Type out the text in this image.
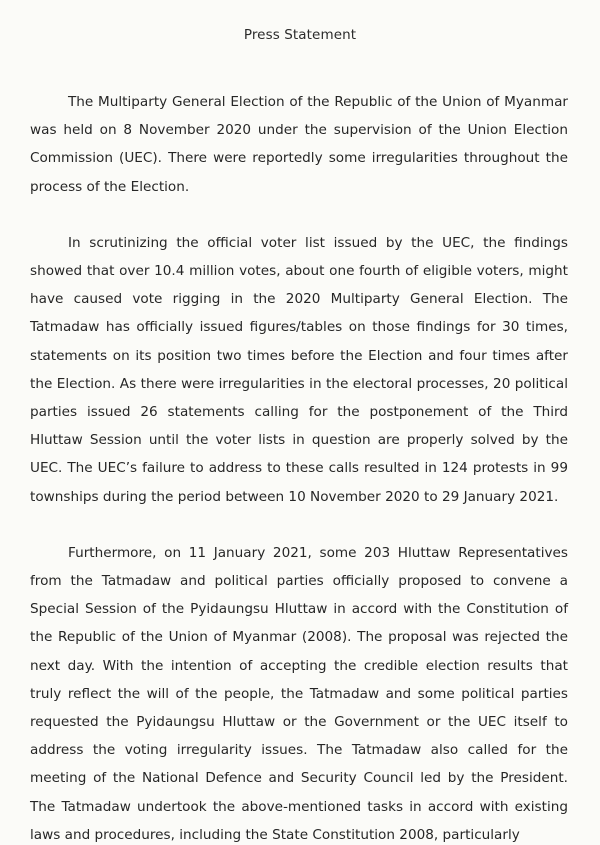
Press Statement

The Multiparty General Election of the Republic of the Union of Myanmar was held on 8 November 2020 under the supervision of the Union Election Commission (UEC). There were reportedly some irregularities throughout the process of the Election.

In scrutinizing the official voter list issued by the UEC, the findings showed that over 10.4 million votes, about one fourth of eligible voters, might have caused vote rigging in the 2020 Multiparty General Election. The Tatmadaw has officially issued figures/tables on those findings for 30 times, statements on its position two times before the Election and four times after the Election. As there were irregularities in the electoral processes, 20 political parties issued 26 statements calling for the postponement of the Third Hluttaw Session until the voter lists in question are properly solved by the UEC. The UEC’s failure to address to these calls resulted in 124 protests in 99 townships during the period between 10 November 2020 to 29 January 2021.

Furthermore, on 11 January 2021, some 203 Hluttaw Representatives from the Tatmadaw and political parties officially proposed to convene a Special Session of the Pyidaungsu Hluttaw in accord with the Constitution of the Republic of the Union of Myanmar (2008). The proposal was rejected the next day. With the intention of accepting the credible election results that truly reflect the will of the people, the Tatmadaw and some political parties requested the Pyidaungsu Hluttaw or the Government or the UEC itself to address the voting irregularity issues. The Tatmadaw also called for the meeting of the National Defence and Security Council led by the President. The Tatmadaw undertook the above-mentioned tasks in accord with existing laws and procedures, including the State Constitution 2008, particularly
